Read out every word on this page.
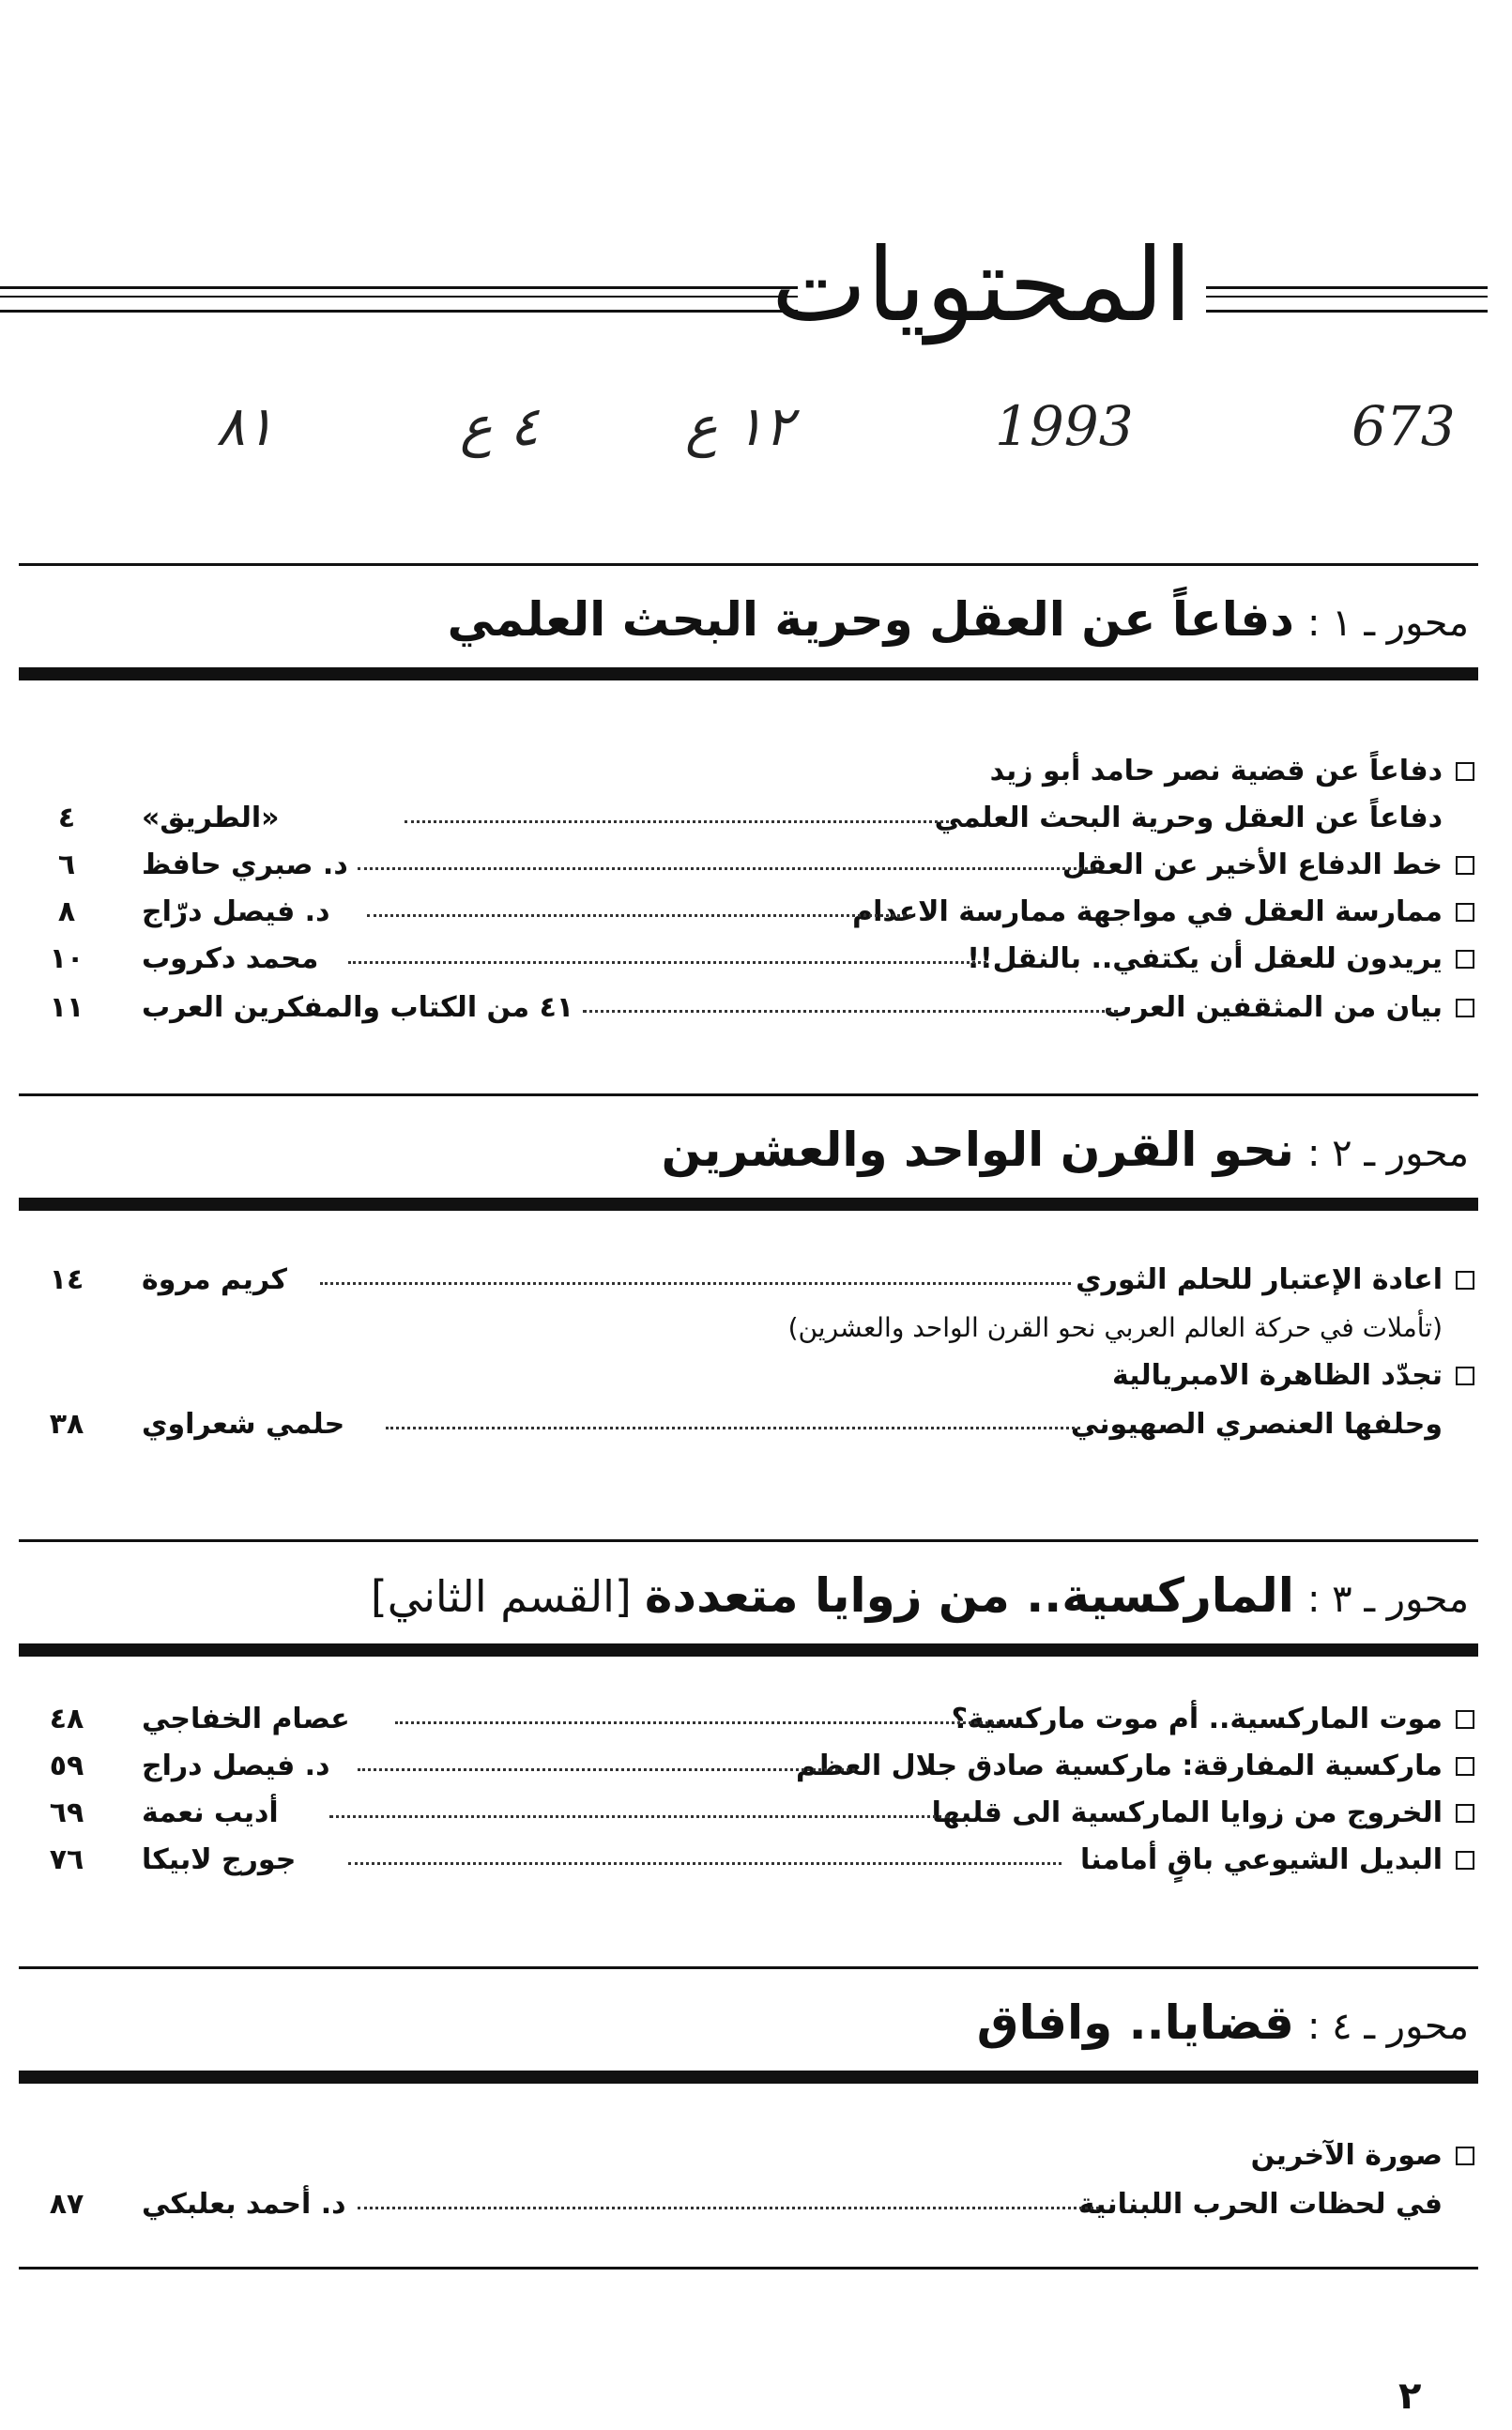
المحتويات
673
1993
١٢ ع
٤ ع
٨١
محور ـ ١ : دفاعاً عن العقل وحرية البحث العلمي
دفاعاً عن قضية نصر حامد أبو زيد
دفاعاً عن العقل وحرية البحث العلمي
«الطريق»
٤
خط الدفاع الأخير عن العقل
د. صبري حافظ
٦
ممارسة العقل في مواجهة ممارسة الاعدام
د. فيصل درّاج
٨
يريدون للعقل أن يكتفي.. بالنقل!!
محمد دكروب
١٠
بيان من المثقفين العرب
٤١ من الكتاب والمفكرين العرب
١١
محور ـ ٢ : نحو القرن الواحد والعشرين
اعادة الإعتبار للحلم الثوري
كريم مروة
١٤
(تأملات في حركة العالم العربي نحو القرن الواحد والعشرين)
تجدّد الظاهرة الامبريالية
وحلفها العنصري الصهيوني
حلمي شعراوي
٣٨
محور ـ ٣ : الماركسية.. من زوايا متعددة [القسم الثاني]
موت الماركسية.. أم موت ماركسية؟
عصام الخفاجي
٤٨
ماركسية المفارقة: ماركسية صادق جلال العظم
د. فيصل دراج
٥٩
الخروج من زوايا الماركسية الى قلبها
أديب نعمة
٦٩
البديل الشيوعي باقٍ أمامنا
جورج لابيكا
٧٦
محور ـ ٤ : قضايا.. وافاق
صورة الآخرين
في لحظات الحرب اللبنانية
د. أحمد بعلبكي
٨٧
٢
